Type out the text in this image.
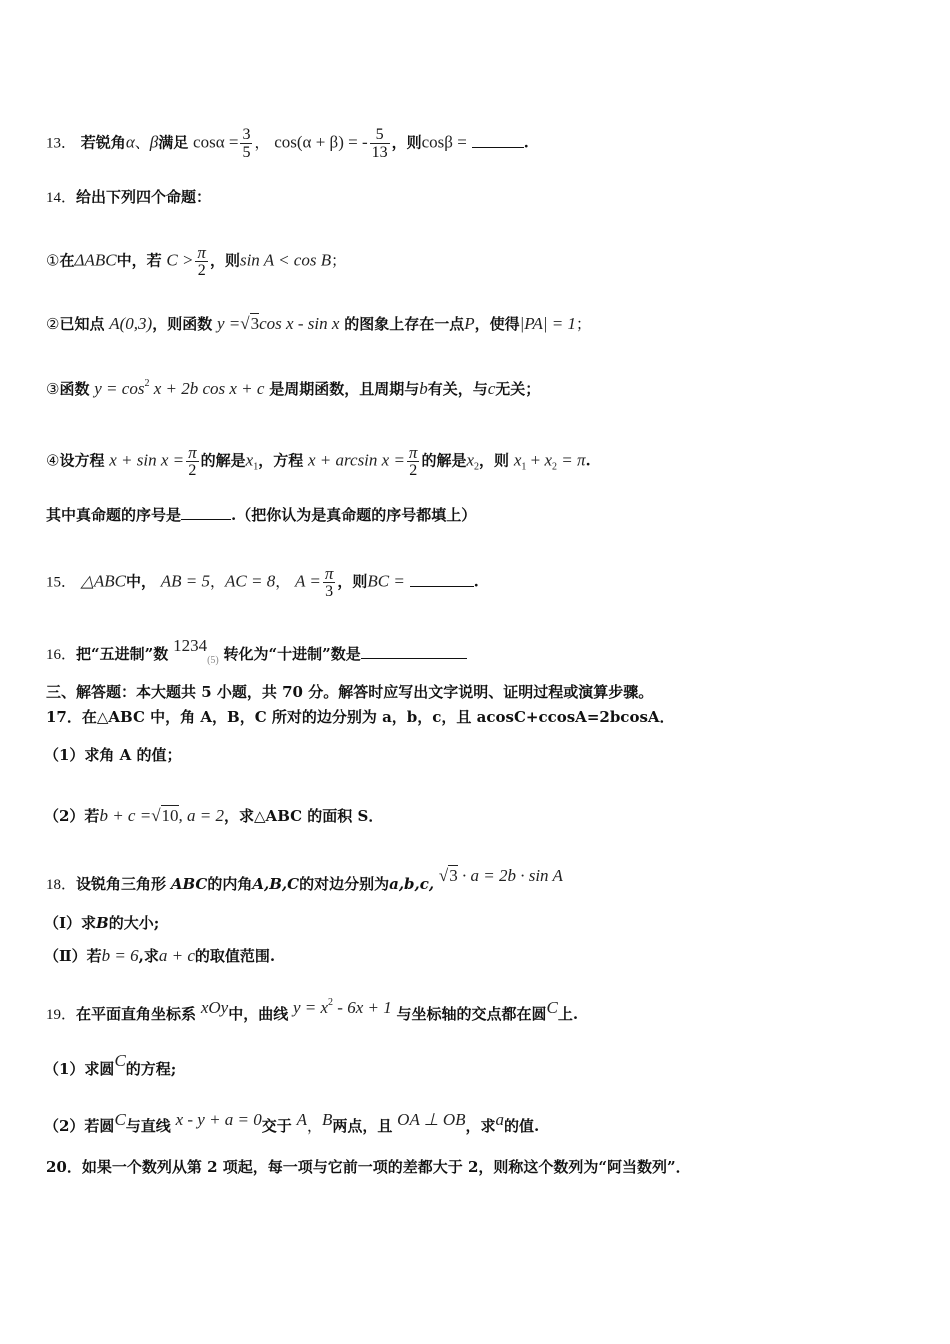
13． 若锐角α、β满足 $\cos\alpha = \frac{3}{5}$ ， cos(α + β) = - $\frac{5}{13}$ ，则cosβ =	.
14．给出下列四个命题：
①在ΔABC中，若 $C > \frac{\pi}{2}$ ，则sin A < cos B；
②已知点 A(0,3)，则函数 y =√3cos x - sin x 的图象上存在一点P，使得|PA| = 1；
③函数 $y = \cos^2 x + 2b$ cos x + c 是周期函数，且周期与b有关，与c无关；
④设方程 $x + \sin x = \frac{\pi}{2}$ 的解是$x_1$，方程 $x + \arcsin x = \frac{\pi}{2}$ 的解是$x_2$，则 $x_1 + x_2 = \pi$.
其中真命题的序号是	.（把你认为是真命题的序号都填上）
15． △ABC中， AB = 5，AC = 8， $A = \frac{\pi}{3}$ ，则BC =	.
16．把“五进制”数 $1234_{(5)}$ 转化为“十进制”数是
三、解答题：本大题共 5 小题，共 70 分。解答时应写出文字说明、证明过程或演算步骤。
17．在△ABC 中，角 A，B，C 所对的边分别为 a，b，c，且 acosC+ccosA=2bcosA．
（1）求角 A 的值；
（2）若b + c =√10, a = 2，求△ABC 的面积 S．
18．设锐角三角形 ABC的内角A,B,C的对边分别为a,b,c, √3 · a = 2b · sin A
（Ⅰ）求B的大小;
（Ⅱ）若b = 6,求a + c的取值范围.
19．在平面直角坐标系 xOy中，曲线 $y = x^2 - 6x + 1$ 与坐标轴的交点都在圆C上.
（1）求圆C的方程;
（2）若圆C与直线 x - y + a = 0交于 A，B两点，且 OA ⊥ OB，求a的值.
20．如果一个数列从第 2 项起，每一项与它前一项的差都大于 2，则称这个数列为“阿当数列”．
